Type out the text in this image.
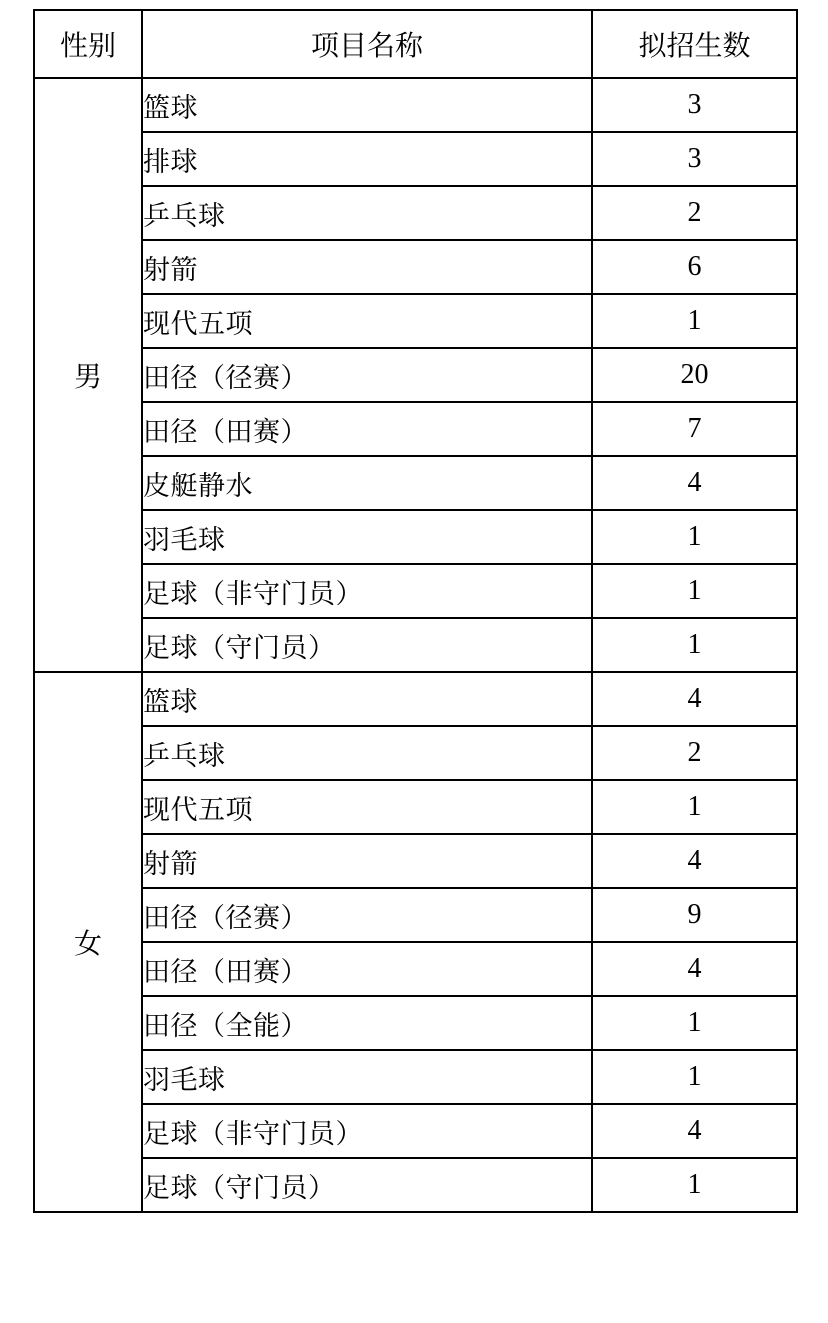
性别	项目名称	拟招生数
男	篮球	3
	排球	3
	乒乓球	2
	射箭	6
	现代五项	1
	田径（径赛）	20
	田径（田赛）	7
	皮艇静水	4
	羽毛球	1
	足球（非守门员）	1
	足球（守门员）	1
女	篮球	4
	乒乓球	2
	现代五项	1
	射箭	4
	田径（径赛）	9
	田径（田赛）	4
	田径（全能）	1
	羽毛球	1
	足球（非守门员）	4
	足球（守门员）	1
